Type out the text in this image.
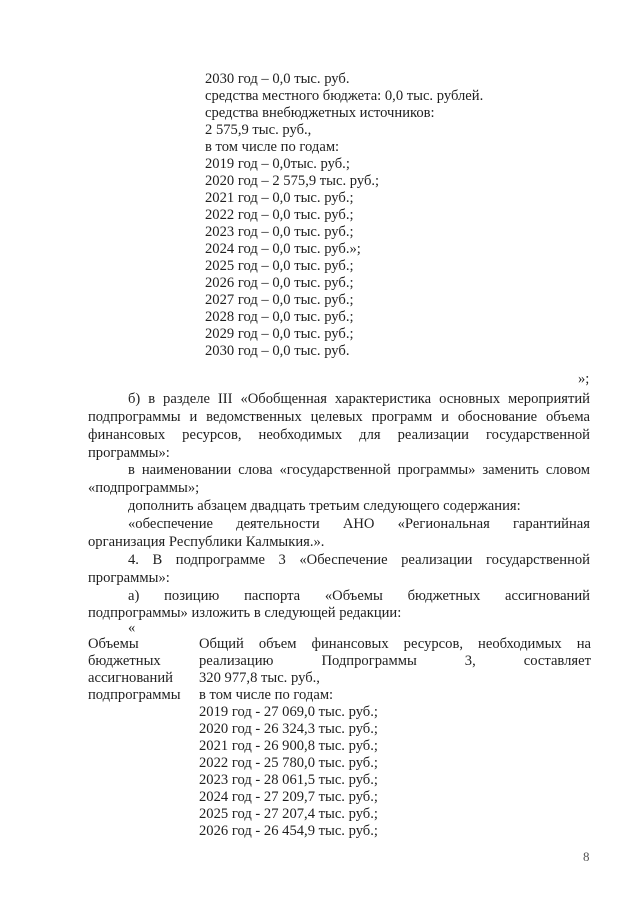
2030 год – 0,0 тыс. руб.
средства местного бюджета: 0,0 тыс. рублей.
средства внебюджетных источников:
2 575,9 тыс. руб.,
в том числе по годам:
2019 год – 0,0тыс. руб.;
2020 год – 2 575,9 тыс. руб.;
2021 год – 0,0 тыс. руб.;
2022 год – 0,0 тыс. руб.;
2023 год – 0,0 тыс. руб.;
2024 год – 0,0 тыс. руб.»;
2025 год – 0,0 тыс. руб.;
2026 год – 0,0 тыс. руб.;
2027 год – 0,0 тыс. руб.;
2028 год – 0,0 тыс. руб.;
2029 год – 0,0 тыс. руб.;
2030 год – 0,0 тыс. руб.
»;
б) в разделе III «Обобщенная характеристика основных мероприятий
подпрограммы и ведомственных целевых программ и обоснование объема
финансовых ресурсов, необходимых для реализации государственной
программы»:
в наименовании слова «государственной программы» заменить словом
«подпрограммы»;
дополнить абзацем двадцать третьим следующего содержания:
«обеспечение деятельности АНО «Региональная гарантийная
организация Республики Калмыкия.».
4. В подпрограмме 3 «Обеспечение реализации государственной
программы»:
а) позицию паспорта «Объемы бюджетных ассигнований
подпрограммы» изложить в следующей редакции:
«
Объемы
бюджетных
ассигнований
подпрограммы
Общий объем финансовых ресурсов, необходимых на
реализацию Подпрограммы 3, составляет
320 977,8 тыс. руб.,
в том числе по годам:
2019 год - 27 069,0 тыс. руб.;
2020 год - 26 324,3 тыс. руб.;
2021 год - 26 900,8 тыс. руб.;
2022 год - 25 780,0 тыс. руб.;
2023 год - 28 061,5 тыс. руб.;
2024 год - 27 209,7 тыс. руб.;
2025 год - 27 207,4 тыс. руб.;
2026 год - 26 454,9 тыс. руб.;
8
